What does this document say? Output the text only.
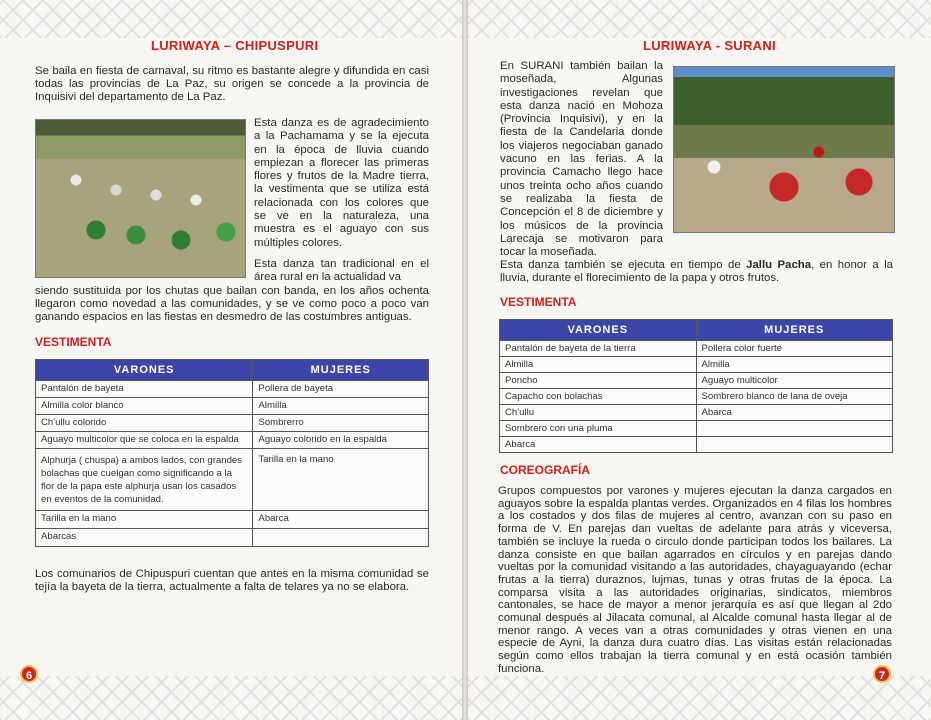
LURIWAYA – CHIPUSPURI
Se baila en fiesta de carnaval, su ritmo es bastante alegre y difundida en casi todas las provincias de La Paz, su origen se concede a la provincia de Inquisivi del departamento de La Paz.
Esta danza es de agradecimiento a la Pachamama y se la ejecuta en la época de lluvia cuando empiezan a florecer las primeras flores y frutos de la Madre tierra, la vestimenta que se utiliza está relacionada con los colores que se ve en la naturaleza, una muestra es el aguayo con sus múltiples colores.
Esta danza tan tradicional en el área rural en la actualidad va
siendo sustituida por los chutas que bailan con banda, en los años ochenta llegaron como novedad a las comunidades, y se ve como poco a poco van ganando espacios en las fiestas en desmedro de las costumbres antiguas.
VESTIMENTA
VARONES	MUJERES
Pantalón de bayeta	Pollera de bayeta
Almilla color blanco	Almilla
Ch'ullu colorido	Sombrerro
Aguayo multicolor que se coloca en la espalda	Aguayo colorido en la espalda
Alphurja ( chuspa) a ambos lados, con grandes bolachas que cuelgan como significando a la flor de la papa este alphurja usan los casados en eventos de la comunidad.	Tarilla en la mano
Tarilla en la mano	Abarca
Abarcas	
Los comunarios de Chipuspuri cuentan que antes en la misma comunidad se tejía la bayeta de la tierra, actualmente a falta de telares ya no se elabora.
6
LURIWAYA - SURANI
En SURANI también bailan la moseñada, Algunas investigaciones revelan que esta danza nació en Mohoza (Provincia Inquisivi), y en la fiesta de la Candelaria donde los viajeros negociaban ganado vacuno en las ferias. A la provincia Camacho llego hace unos treinta ocho años cuando se realizaba la fiesta de Concepción el 8 de diciembre y los músicos de la provincia Larecaja se motivaron para tocar la moseñada.
Esta danza también se ejecuta en tiempo de Jallu Pacha, en honor a la lluvia, durante el florecimiento de la papa y otros frutos.
VESTIMENTA
VARONES	MUJERES
Pantalón de bayeta de la tierra	Pollera color fuerte
Almilla	Almilla
Poncho	Aguayo multicolor
Capacho con bolachas	Sombrero blanco de lana de oveja
Ch'ullu	Abarca
Sombrero con una pluma	
Abarca	
COREOGRAFÍA
Grupos compuestos por varones y mujeres ejecutan la danza cargados en aguayos sobre la espalda plantas verdes. Organizados en 4 filas los hombres a los costados y dos filas de mujeres al centro, avanzan con su paso en forma de V. En parejas dan vueltas de adelante para atrás y viceversa, también se incluye la rueda o circulo donde participan todos los bailares. La danza consiste en que bailan agarrados en círculos y en parejas dando vueltas por la comunidad visitando a las autoridades, chayaguayando (echar frutas a la tierra) duraznos, lujmas, tunas y otras frutas de la época. La comparsa visita a las autoridades originarias, sindicatos, miembros cantonales, se hace de mayor a menor jerarquía es así que llegan al 2do comunal después al Jilacata comunal, al Alcalde comunal hasta llegar al de menor rango. A veces van a otras comunidades y otras vienen en una especie de Ayni, la danza dura cuatro días. Las visitas están relacionadas según como ellos trabajan la tierra comunal y en está ocasión también funciona.
7
